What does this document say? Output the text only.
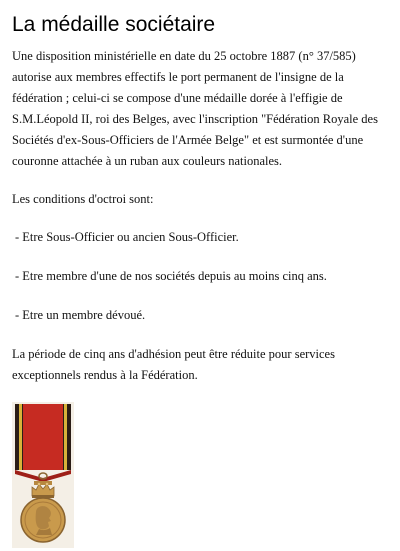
La médaille sociétaire

Une disposition ministérielle en date du 25 octobre 1887 (n° 37/585) autorise aux membres effectifs le port permanent de l'insigne de la fédération ; celui-ci se compose d'une médaille dorée à l'effigie de S.M.Léopold II, roi des Belges, avec l'inscription "Fédération Royale des Sociétés d'ex-Sous-Officiers de l'Armée Belge" et est surmontée d'une couronne attachée à un ruban aux couleurs nationales.

Les conditions d'octroi sont:

- Etre Sous-Officier ou ancien Sous-Officier.

- Etre membre d'une de nos sociétés depuis au moins cinq ans.

- Etre un membre dévoué.

La période de cinq ans d'adhésion peut être réduite pour services exceptionnels rendus à la Fédération.
